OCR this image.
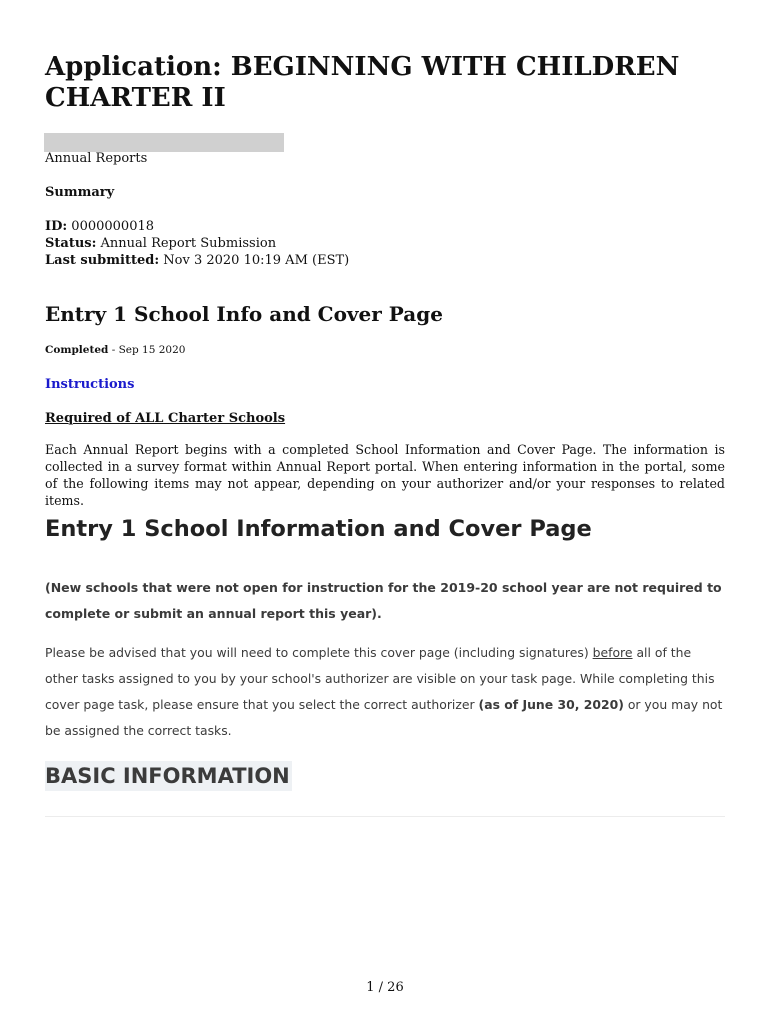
Application: BEGINNING WITH CHILDREN CHARTER II
Annual Reports
Summary
ID: 0000000018
Status: Annual Report Submission
Last submitted: Nov 3 2020 10:19 AM (EST)
Entry 1 School Info and Cover Page
Completed - Sep 15 2020
Instructions
Required of ALL Charter Schools

Each Annual Report begins with a completed School Information and Cover Page. The information is collected in a survey format within Annual Report portal. When entering information in the portal, some of the following items may not appear, depending on your authorizer and/or your responses to related items.

Entry 1 School Information and Cover Page

(New schools that were not open for instruction for the 2019-20 school year are not required to complete or submit an annual report this year).

Please be advised that you will need to complete this cover page (including signatures) before all of the other tasks assigned to you by your school's authorizer are visible on your task page. While completing this cover page task, please ensure that you select the correct authorizer (as of June 30, 2020) or you may not be assigned the correct tasks.

BASIC INFORMATION
1 / 26
